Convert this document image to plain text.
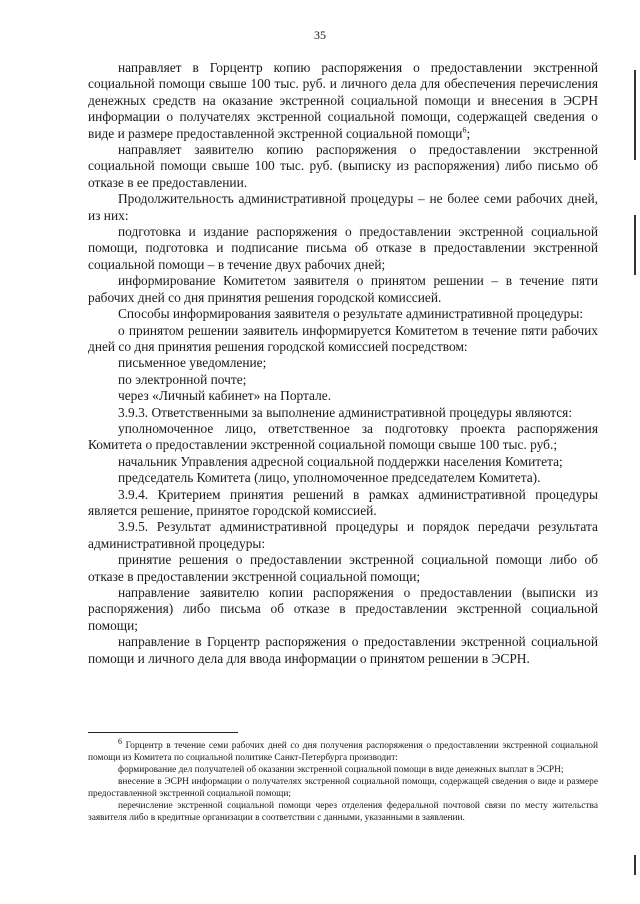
35

направляет в Горцентр копию распоряжения о предоставлении экстренной социальной помощи свыше 100 тыс. руб. и личного дела для обеспечения перечисления денежных средств на оказание экстренной социальной помощи и внесения в ЭСРН информации о получателях экстренной социальной помощи, содержащей сведения о виде и размере предоставленной экстренной социальной помощи$^6$;

направляет заявителю копию распоряжения о предоставлении экстренной социальной помощи свыше 100 тыс. руб. (выписку из распоряжения) либо письмо об отказе в ее предоставлении.

Продолжительность административной процедуры – не более семи рабочих дней, из них:

подготовка и издание распоряжения о предоставлении экстренной социальной помощи, подготовка и подписание письма об отказе в предоставлении экстренной социальной помощи – в течение двух рабочих дней;

информирование Комитетом заявителя о принятом решении – в течение пяти рабочих дней со дня принятия решения городской комиссией.

Способы информирования заявителя о результате административной процедуры:

о принятом решении заявитель информируется Комитетом в течение пяти рабочих дней со дня принятия решения городской комиссией посредством:

письменное уведомление;

по электронной почте;

через «Личный кабинет» на Портале.

3.9.3. Ответственными за выполнение административной процедуры являются:

уполномоченное лицо, ответственное за подготовку проекта распоряжения Комитета о предоставлении экстренной социальной помощи свыше 100 тыс. руб.;

начальник Управления адресной социальной поддержки населения Комитета;

председатель Комитета (лицо, уполномоченное председателем Комитета).

3.9.4. Критерием принятия решений в рамках административной процедуры является решение, принятое городской комиссией.

3.9.5. Результат административной процедуры и порядок передачи результата административной процедуры:

принятие решения о предоставлении экстренной социальной помощи либо об отказе в предоставлении экстренной социальной помощи;

направление заявителю копии распоряжения о предоставлении (выписки из распоряжения) либо письма об отказе в предоставлении экстренной социальной помощи;

направление в Горцентр распоряжения о предоставлении экстренной социальной помощи и личного дела для ввода информации о принятом решении в ЭСРН.

$^6$ Горцентр в течение семи рабочих дней со дня получения распоряжения о предоставлении экстренной социальной помощи из Комитета по социальной политике Санкт-Петербурга производит:

формирование дел получателей об оказании экстренной социальной помощи в виде денежных выплат в ЭСРН;

внесение в ЭСРН информации о получателях экстренной социальной помощи, содержащей сведения о виде и размере предоставленной экстренной социальной помощи;

перечисление экстренной социальной помощи через отделения федеральной почтовой связи по месту жительства заявителя либо в кредитные организации в соответствии с данными, указанными в заявлении.
